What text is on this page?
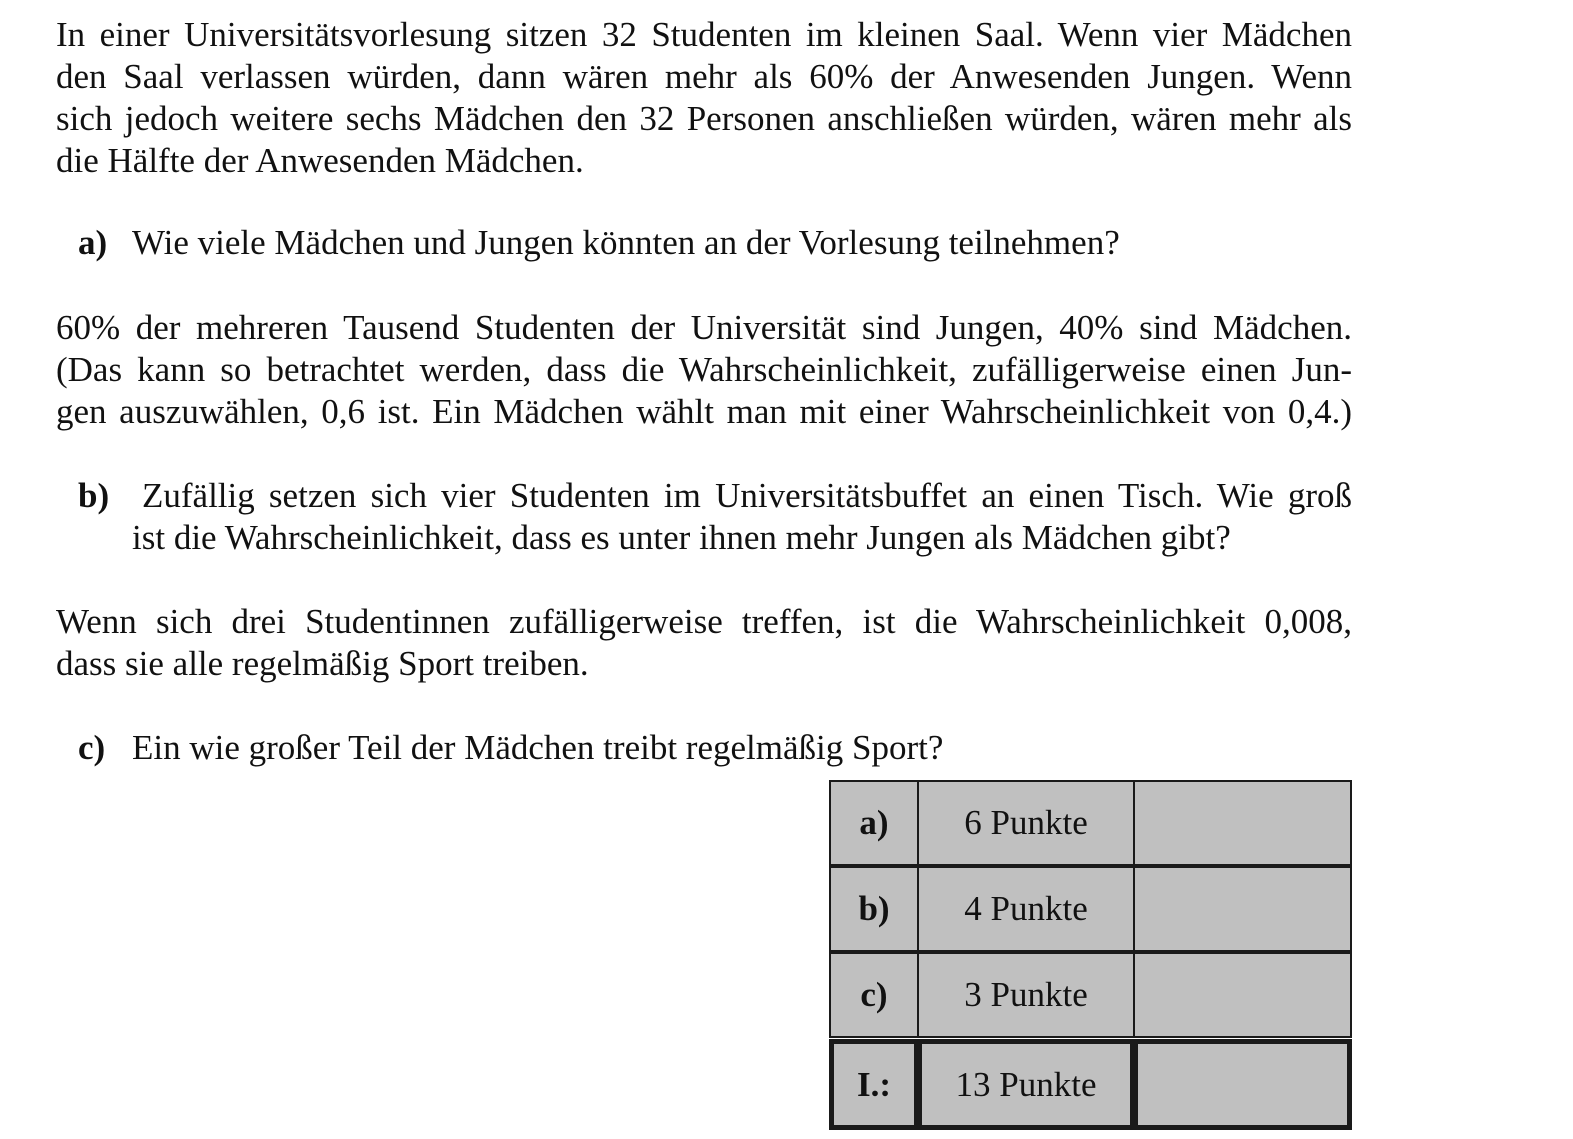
In einer Universitätsvorlesung sitzen 32 Studenten im kleinen Saal. Wenn vier Mädchen
den Saal verlassen würden, dann wären mehr als 60% der Anwesenden Jungen. Wenn
sich jedoch weitere sechs Mädchen den 32 Personen anschließen würden, wären mehr als
die Hälfte der Anwesenden Mädchen.
a) Wie viele Mädchen und Jungen könnten an der Vorlesung teilnehmen?
60% der mehreren Tausend Studenten der Universität sind Jungen, 40% sind Mädchen.
(Das kann so betrachtet werden, dass die Wahrscheinlichkeit, zufälligerweise einen Jun-
gen auszuwählen, 0,6 ist. Ein Mädchen wählt man mit einer Wahrscheinlichkeit von 0,4.)
b) Zufällig setzen sich vier Studenten im Universitätsbuffet an einen Tisch. Wie groß
ist die Wahrscheinlichkeit, dass es unter ihnen mehr Jungen als Mädchen gibt?
Wenn sich drei Studentinnen zufälligerweise treffen, ist die Wahrscheinlichkeit 0,008,
dass sie alle regelmäßig Sport treiben.
c) Ein wie großer Teil der Mädchen treibt regelmäßig Sport?
a)	6 Punkte
b)	4 Punkte
c)	3 Punkte
I.:	13 Punkte
